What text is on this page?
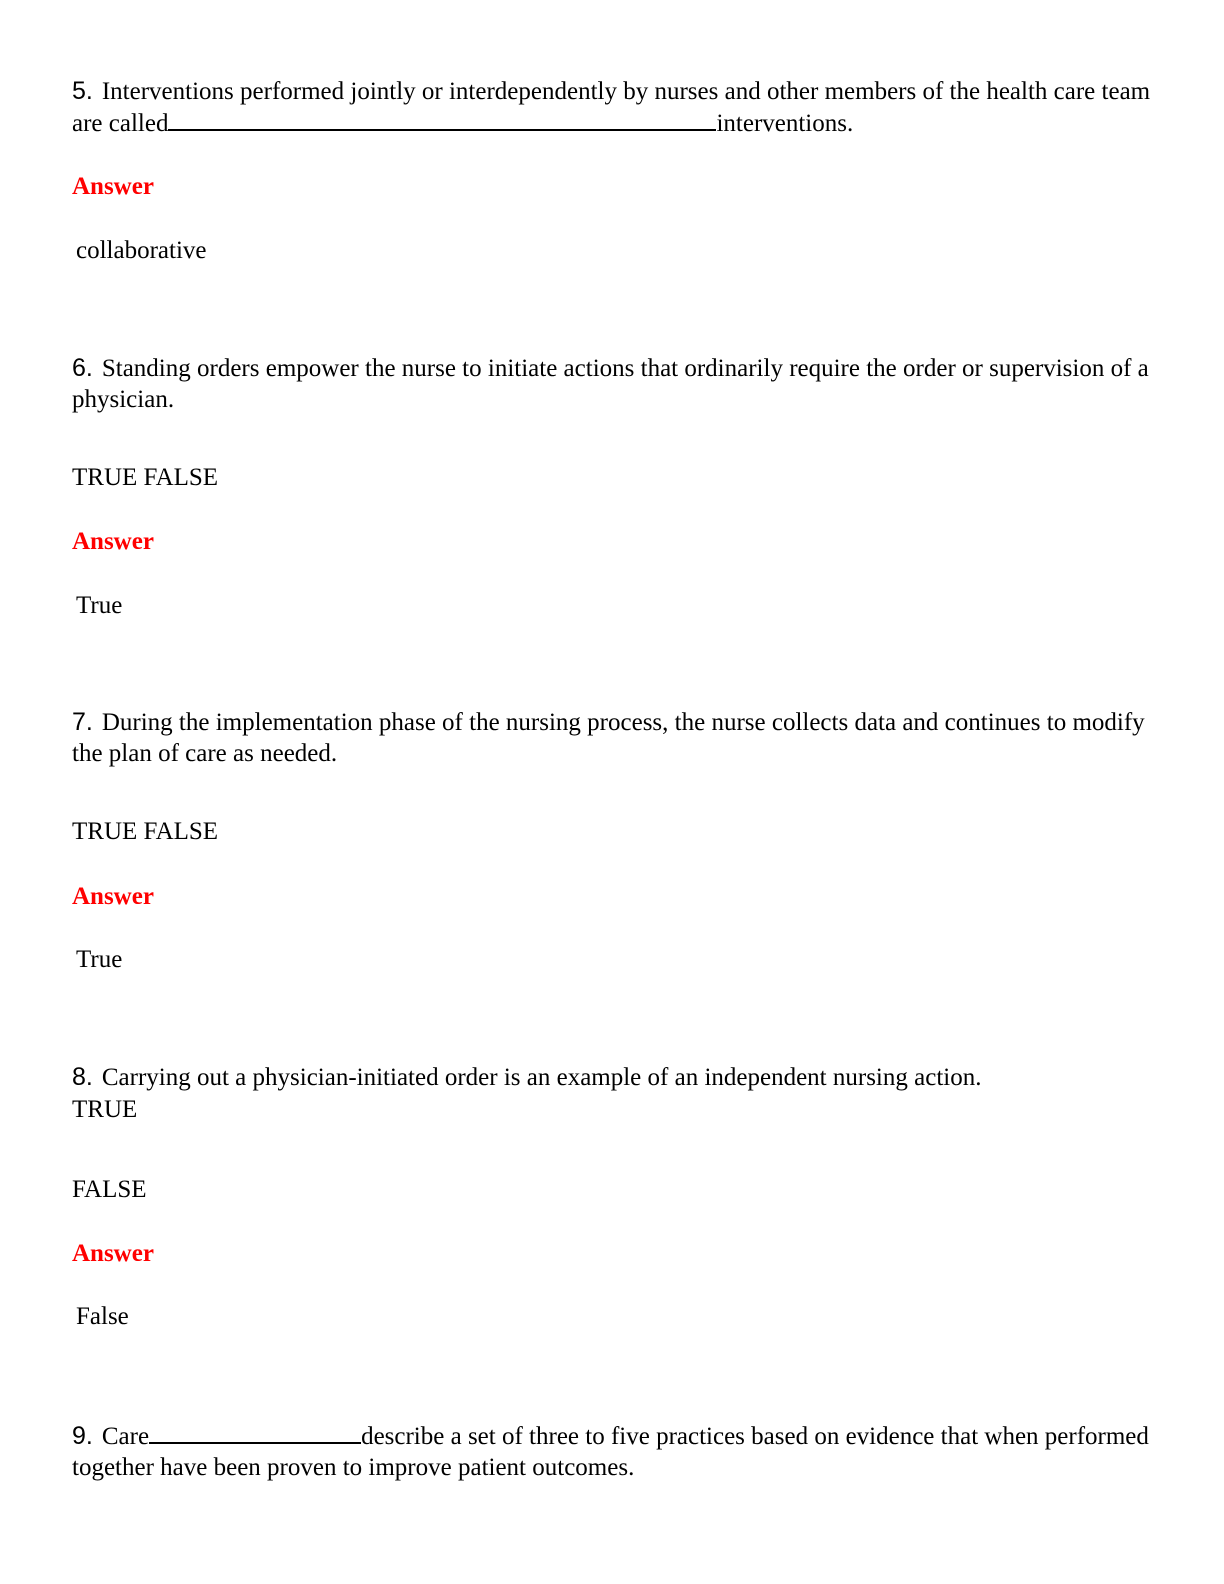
5. Interventions performed jointly or interdependently by nurses and other members of the health care team are called	interventions.
Answer
collaborative
6. Standing orders empower the nurse to initiate actions that ordinarily require the order or supervision of a physician.
TRUE FALSE
Answer
True
7. During the implementation phase of the nursing process, the nurse collects data and continues to modify the plan of care as needed.
TRUE FALSE
Answer
True
8. Carrying out a physician-initiated order is an example of an independent nursing action.
TRUE
FALSE
Answer
False
9. Care	describe a set of three to five practices based on evidence that when performed together have been proven to improve patient outcomes.
